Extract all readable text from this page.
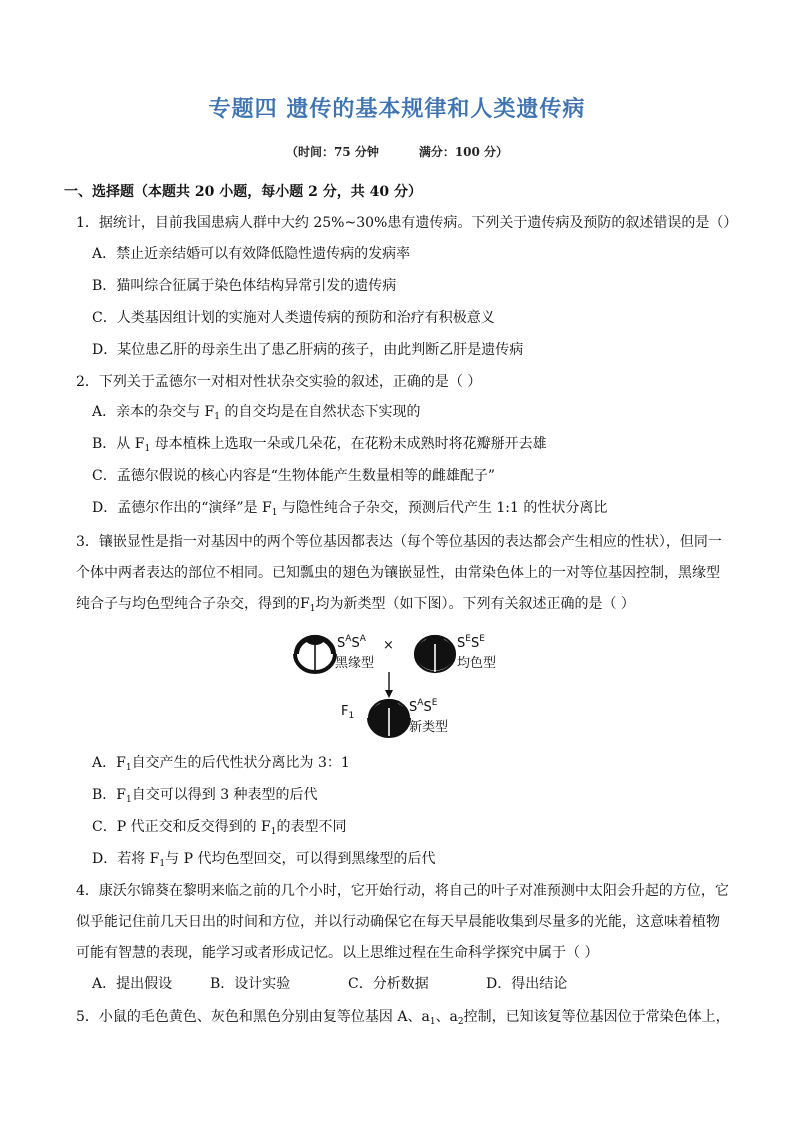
专题四 遗传的基本规律和人类遗传病
（时间：75 分钟	满分：100 分）
一、选择题（本题共 20 小题，每小题 2 分，共 40 分）
1．据统计，目前我国患病人群中大约 25%~30%患有遗传病。下列关于遗传病及预防的叙述错误的是（）
A．禁止近亲结婚可以有效降低隐性遗传病的发病率
B．猫叫综合征属于染色体结构异常引发的遗传病
C．人类基因组计划的实施对人类遗传病的预防和治疗有积极意义
D．某位患乙肝的母亲生出了患乙肝病的孩子，由此判断乙肝是遗传病
2．下列关于孟德尔一对相对性状杂交实验的叙述，正确的是（ ）
A．亲本的杂交与 $F_1$ 的自交均是在自然状态下实现的
B．从 $F_1$ 母本植株上选取一朵或几朵花，在花粉未成熟时将花瓣掰开去雄
C．孟德尔假说的核心内容是“生物体能产生数量相等的雌雄配子”
D．孟德尔作出的“演绎”是 $F_1$ 与隐性纯合子杂交，预测后代产生 1:1 的性状分离比
3．镶嵌显性是指一对基因中的两个等位基因都表达（每个等位基因的表达都会产生相应的性状），但同一
个体中两者表达的部位不相同。已知瓢虫的翅色为镶嵌显性，由常染色体上的一对等位基因控制，黑缘型
纯合子与均色型纯合子杂交，得到的$F_1$均为新类型（如下图）。下列有关叙述正确的是（ ）
$S^AS^A$
黑缘型
×	$S^ES^E$
均色型
$F_1$
$S^AS^E$
新类型
A．$F_1$自交产生的后代性状分离比为 3：1
B．$F_1$自交可以得到 3 种表型的后代
C．P 代正交和反交得到的 $F_1$的表型不同
D．若将 $F_1$与 P 代均色型回交，可以得到黑缘型的后代
4．康沃尔锦葵在黎明来临之前的几个小时，它开始行动，将自己的叶子对准预测中太阳会升起的方位，它
似乎能记住前几天日出的时间和方位，并以行动确保它在每天早晨能收集到尽量多的光能，这意味着植物
可能有智慧的表现，能学习或者形成记忆。以上思维过程在生命科学探究中属于（ ）
A．提出假设	B．设计实验	C．分析数据	D．得出结论
5．小鼠的毛色黄色、灰色和黑色分别由复等位基因 A、$a_1$、$a_2$控制，已知该复等位基因位于常染色体上，
